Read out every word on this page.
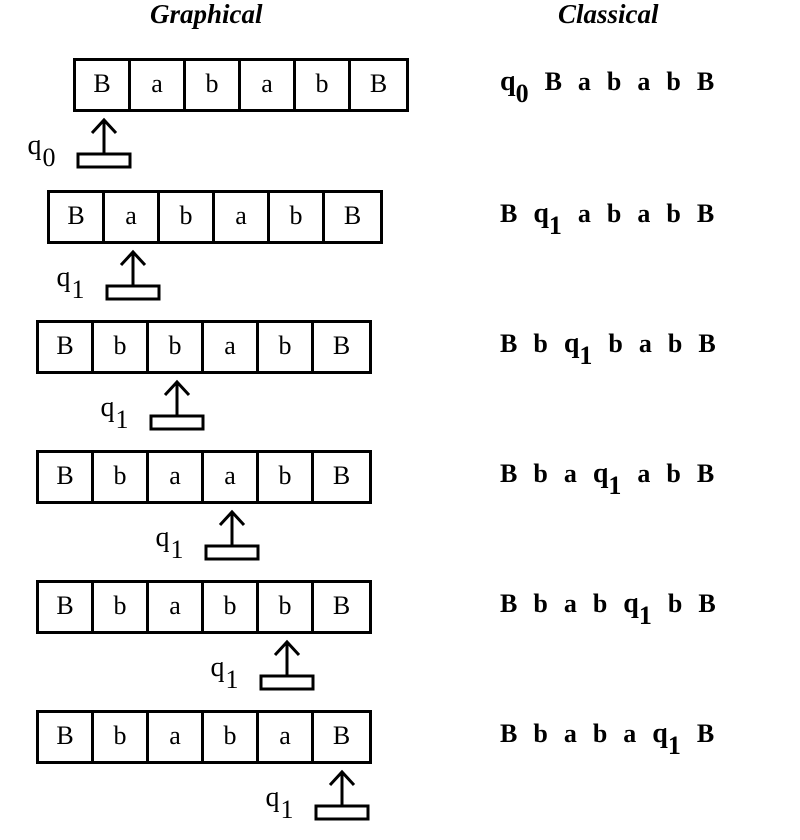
Graphical	Classical
B	a	b	a	b	B
q0
q0 B a b a b B
B	a	b	a	b	B
q1
B q1 a b a b B
B	b	b	a	b	B
q1
B b q1 b a b B
B	b	a	a	b	B
q1
B b a q1 a b B
B	b	a	b	b	B
q1
B b a b q1 b B
B	b	a	b	a	B
q1
B b a b a q1 B
